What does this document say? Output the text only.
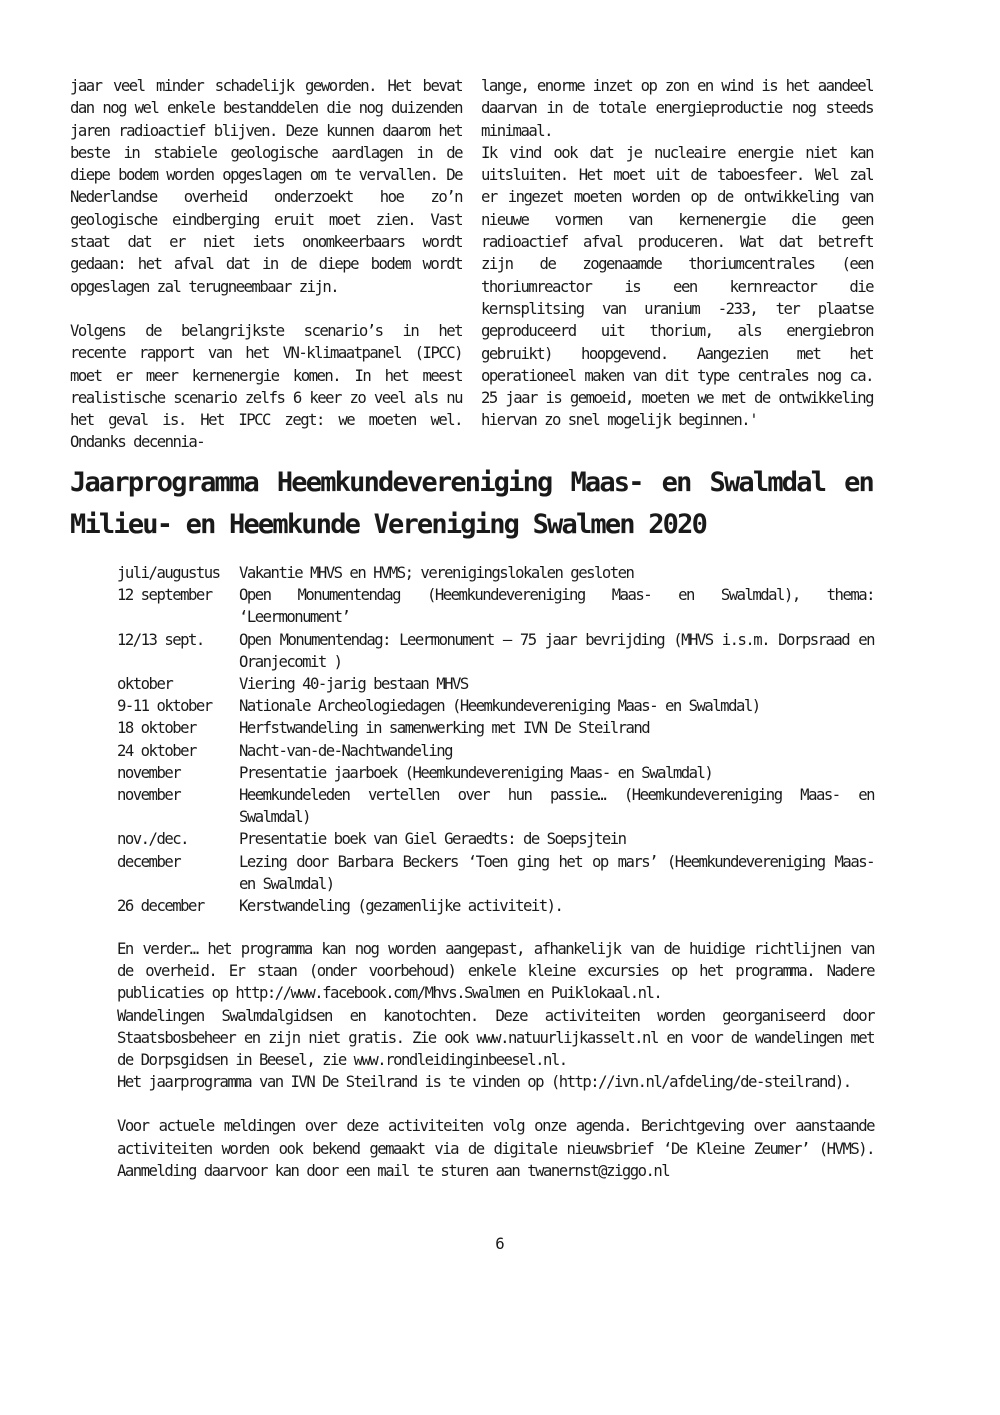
jaar veel minder schadelijk geworden. Het bevat dan nog wel enkele bestanddelen die nog duizenden jaren radioactief blijven. Deze kunnen daarom het beste in stabiele geologische aardlagen in de diepe bodem worden opgeslagen om te vervallen. De Nederlandse overheid onderzoekt hoe zo’n geologische eindberging eruit moet zien. Vast staat dat er niet iets onomkeerbaars wordt gedaan: het afval dat in de diepe bodem wordt opgeslagen zal terugneembaar zijn.

Volgens de belangrijkste scenario’s in het recente rapport van het VN-klimaatpanel (IPCC) moet er meer kernenergie komen. In het meest realistische scenario zelfs 6 keer zo veel als nu het geval is. Het IPCC zegt: we moeten wel. Ondanks decennia-

lange, enorme inzet op zon en wind is het aandeel daarvan in de totale energieproductie nog steeds minimaal.

Ik vind ook dat je nucleaire energie niet kan uitsluiten. Het moet uit de taboesfeer. Wel zal er ingezet moeten worden op de ontwikkeling van nieuwe vormen van kernenergie die geen radioactief afval produceren. Wat dat betreft zijn de zogenaamde thoriumcentrales (een thoriumreactor is een kernreactor die kernsplitsing van uranium -233, ter plaatse geproduceerd uit thorium, als energiebron gebruikt) hoopgevend. Aangezien met het operationeel maken van dit type centrales nog ca. 25 jaar is gemoeid, moeten we met de ontwikkeling hiervan zo snel mogelijk beginnen.'

Jaarprogramma Heemkundevereniging Maas- en Swalmdal en
Milieu- en Heemkunde Vereniging Swalmen 2020
juli/augustus	Vakantie MHVS en HVMS; verenigingslokalen gesloten
12 september	Open Monumentendag (Heemkundevereniging Maas- en Swalmdal), thema: ‘Leermonument’
12/13 sept.	Open Monumentendag: Leermonument – 75 jaar bevrijding (MHVS i.s.m. Dorpsraad en Oranjecomit )
oktober	Viering 40-jarig bestaan MHVS
9-11 oktober	Nationale Archeologiedagen (Heemkundevereniging Maas- en Swalmdal)
18 oktober	Herfstwandeling in samenwerking met IVN De Steilrand
24 oktober	Nacht-van-de-Nachtwandeling
november	Presentatie jaarboek (Heemkundevereniging Maas- en Swalmdal)
november	Heemkundeleden vertellen over hun passie… (Heemkundevereniging Maas- en Swalmdal)
nov./dec.	Presentatie boek van Giel Geraedts: de Soepsjtein
december	Lezing door Barbara Beckers ‘Toen ging het op mars’ (Heemkundevereniging Maas- en Swalmdal)
26 december	Kerstwandeling (gezamenlijke activiteit).

En verder… het programma kan nog worden aangepast, afhankelijk van de huidige richtlijnen van de overheid. Er staan (onder voorbehoud) enkele kleine excursies op het programma. Nadere publicaties op http://www.facebook.com/Mhvs.Swalmen en Puiklokaal.nl.

Wandelingen Swalmdalgidsen en kanotochten. Deze activiteiten worden georganiseerd door Staatsbosbeheer en zijn niet gratis. Zie ook www.natuurlijkasselt.nl en voor de wandelingen met de Dorpsgidsen in Beesel, zie www.rondleidinginbeesel.nl.

Het jaarprogramma van IVN De Steilrand is te vinden op (http://ivn.nl/afdeling/de-steilrand).

Voor actuele meldingen over deze activiteiten volg onze agenda. Berichtgeving over aanstaande activiteiten worden ook bekend gemaakt via de digitale nieuwsbrief ‘De Kleine Zeumer’ (HVMS). Aanmelding daarvoor kan door een mail te sturen aan twanernst@ziggo.nl

6
